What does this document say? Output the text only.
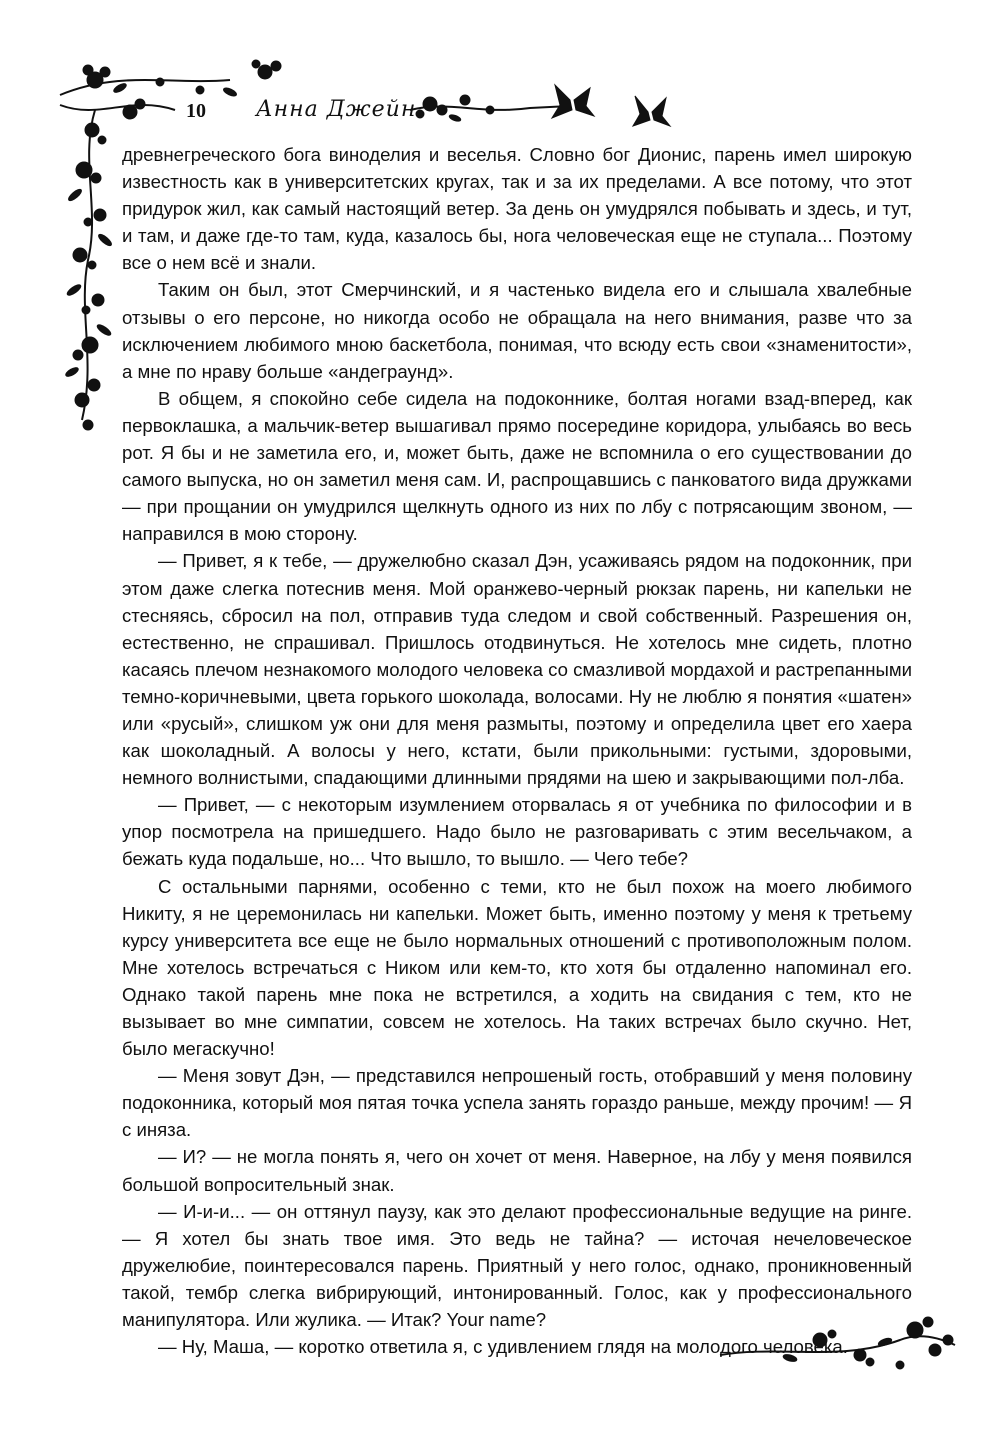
10 Анна Джейн

древнегреческого бога виноделия и веселья. Словно бог Дионис, парень имел широкую известность как в университетских кругах, так и за их пределами. А все потому, что этот придурок жил, как самый настоящий ветер. За день он умудрялся побывать и здесь, и тут, и там, и даже где-то там, куда, казалось бы, нога человеческая еще не ступала... Поэтому все о нем всё и знали.

Таким он был, этот Смерчинский, и я частенько видела его и слышала хвалебные отзывы о его персоне, но никогда особо не обращала на него внимания, разве что за исключением любимого мною баскетбола, понимая, что всюду есть свои «знаменитости», а мне по нраву больше «андеграунд».

В общем, я спокойно себе сидела на подоконнике, болтая ногами взад-вперед, как первоклашка, а мальчик-ветер вышагивал прямо посередине коридора, улыбаясь во весь рот. Я бы и не заметила его, и, может быть, даже не вспомнила о его существовании до самого выпуска, но он заметил меня сам. И, распрощавшись с панковатого вида дружками — при прощании он умудрился щелкнуть одного из них по лбу с потрясающим звоном, — направился в мою сторону.

— Привет, я к тебе, — дружелюбно сказал Дэн, усаживаясь рядом на подоконник, при этом даже слегка потеснив меня. Мой оранжево-черный рюкзак парень, ни капельки не стесняясь, сбросил на пол, отправив туда следом и свой собственный. Разрешения он, естественно, не спрашивал. Пришлось отодвинуться. Не хотелось мне сидеть, плотно касаясь плечом незнакомого молодого человека со смазливой мордахой и растрепанными темно-коричневыми, цвета горького шоколада, волосами. Ну не люблю я понятия «шатен» или «русый», слишком уж они для меня размыты, поэтому и определила цвет его хаера как шоколадный. А волосы у него, кстати, были прикольными: густыми, здоровыми, немного волнистыми, спадающими длинными прядями на шею и закрывающими пол-лба.

— Привет, — с некоторым изумлением оторвалась я от учебника по философии и в упор посмотрела на пришедшего. Надо было не разговаривать с этим весельчаком, а бежать куда подальше, но... Что вышло, то вышло. — Чего тебе?

С остальными парнями, особенно с теми, кто не был похож на моего любимого Никиту, я не церемонилась ни капельки. Может быть, именно поэтому у меня к третьему курсу университета все еще не было нормальных отношений с противоположным полом. Мне хотелось встречаться с Ником или кем-то, кто хотя бы отдаленно напоминал его. Однако такой парень мне пока не встретился, а ходить на свидания с тем, кто не вызывает во мне симпатии, совсем не хотелось. На таких встречах было скучно. Нет, было мегаскучно!

— Меня зовут Дэн, — представился непрошеный гость, отобравший у меня половину подоконника, который моя пятая точка успела занять гораздо раньше, между прочим! — Я с иняза.

— И? — не могла понять я, чего он хочет от меня. Наверное, на лбу у меня появился большой вопросительный знак.

— И-и-и... — он оттянул паузу, как это делают профессиональные ведущие на ринге. — Я хотел бы знать твое имя. Это ведь не тайна? — источая нечеловеческое дружелюбие, поинтересовался парень. Приятный у него голос, однако, проникновенный такой, тембр слегка вибрирующий, интонированный. Голос, как у профессионального манипулятора. Или жулика. — Итак? Your name?

— Ну, Маша, — коротко ответила я, с удивлением глядя на молодого человека.
